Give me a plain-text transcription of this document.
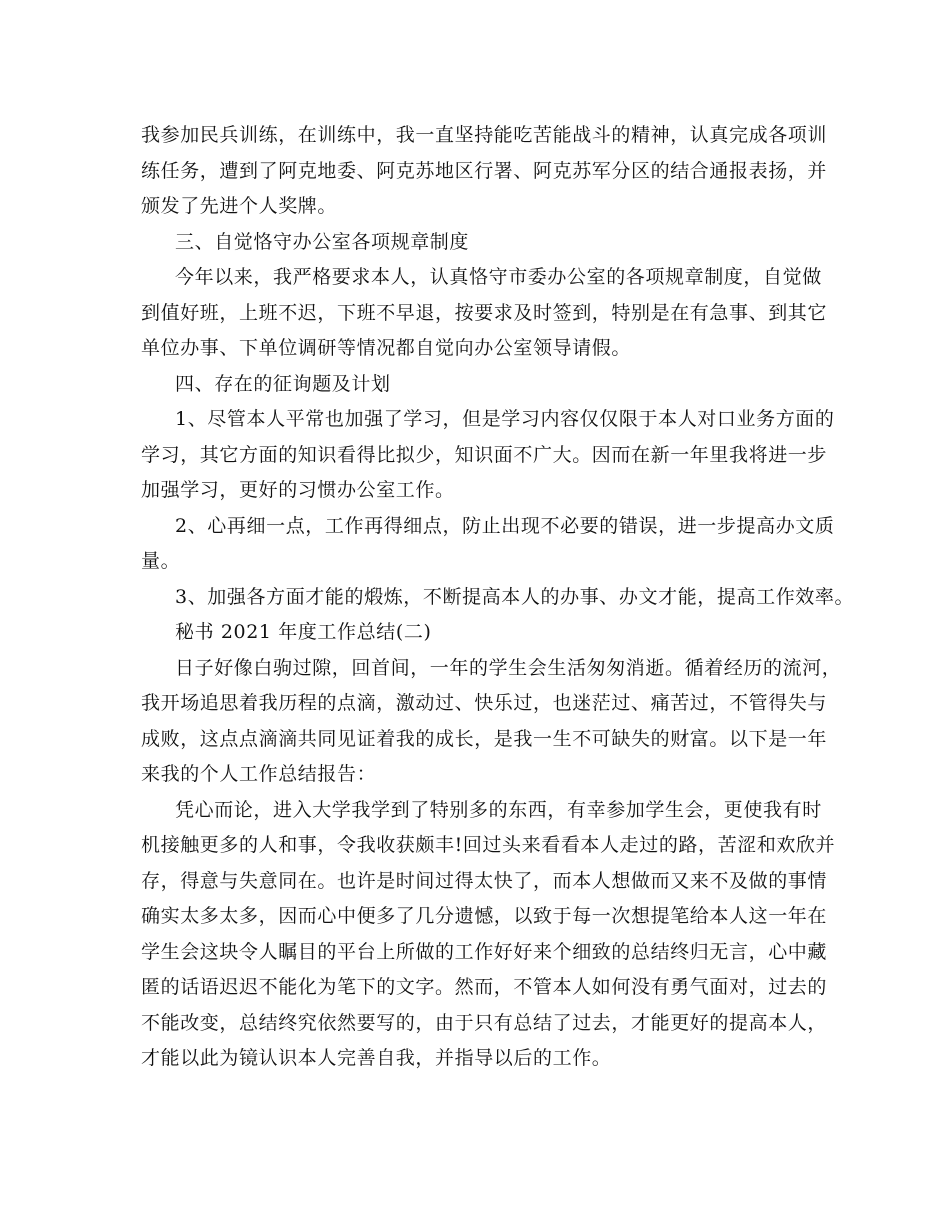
我参加民兵训练，在训练中，我一直坚持能吃苦能战斗的精神，认真完成各项训
练任务，遭到了阿克地委、阿克苏地区行署、阿克苏军分区的结合通报表扬，并
颁发了先进个人奖牌。
三、自觉恪守办公室各项规章制度
今年以来，我严格要求本人，认真恪守市委办公室的各项规章制度，自觉做
到值好班，上班不迟，下班不早退，按要求及时签到，特别是在有急事、到其它
单位办事、下单位调研等情况都自觉向办公室领导请假。
四、存在的征询题及计划
1、尽管本人平常也加强了学习，但是学习内容仅仅限于本人对口业务方面的
学习，其它方面的知识看得比拟少，知识面不广大。因而在新一年里我将进一步
加强学习，更好的习惯办公室工作。
2、心再细一点，工作再得细点，防止出现不必要的错误，进一步提高办文质
量。
3、加强各方面才能的煅炼，不断提高本人的办事、办文才能，提高工作效率。
秘书 2021 年度工作总结(二)
日子好像白驹过隙，回首间，一年的学生会生活匆匆消逝。循着经历的流河，
我开场追思着我历程的点滴，激动过、快乐过，也迷茫过、痛苦过，不管得失与
成败，这点点滴滴共同见证着我的成长，是我一生不可缺失的财富。以下是一年
来我的个人工作总结报告：
凭心而论，进入大学我学到了特别多的东西，有幸参加学生会，更使我有时
机接触更多的人和事，令我收获颇丰!回过头来看看本人走过的路，苦涩和欢欣并
存，得意与失意同在。也许是时间过得太快了，而本人想做而又来不及做的事情
确实太多太多，因而心中便多了几分遗憾，以致于每一次想提笔给本人这一年在
学生会这块令人瞩目的平台上所做的工作好好来个细致的总结终归无言，心中藏
匿的话语迟迟不能化为笔下的文字。然而，不管本人如何没有勇气面对，过去的
不能改变，总结终究依然要写的，由于只有总结了过去，才能更好的提高本人，
才能以此为镜认识本人完善自我，并指导以后的工作。
